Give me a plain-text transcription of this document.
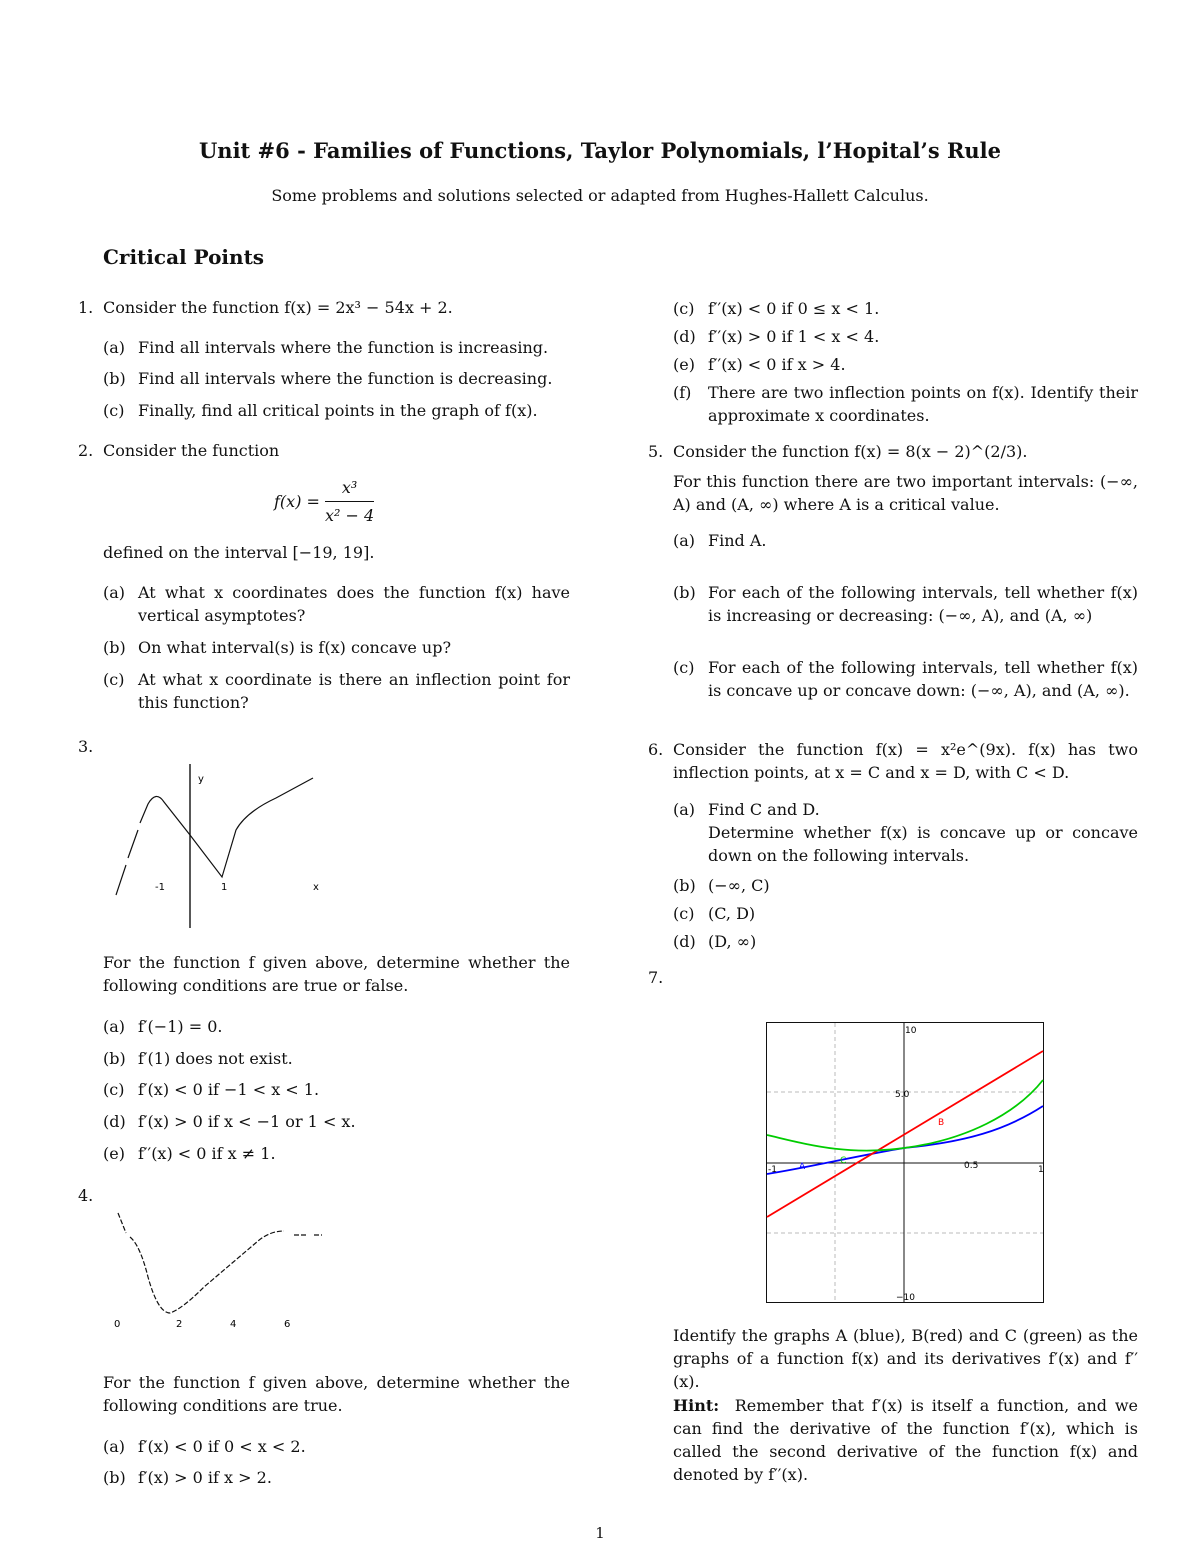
Unit #6 - Families of Functions, Taylor Polynomials, l’Hopital’s Rule
Some problems and solutions selected or adapted from Hughes-Hallett Calculus.
Critical Points
1. Consider the function f(x) = 2x³ − 54x + 2.
(a) Find all intervals where the function is increasing.
(b) Find all intervals where the function is decreasing.
(c) Finally, find all critical points in the graph of f(x).
2. Consider the function
$f(x) = \frac{\text{x³}}{\text{x² − 4}}$
defined on the interval [−19, 19].
(a) At what x coordinates does the function f(x) have vertical asymptotes?
(b) On what interval(s) is f(x) concave up?
(c) At what x coordinate is there an inflection point for this function?
3.
y
-1	1	x
For the function f given above, determine whether the following conditions are true or false.
(a) f′(−1) = 0.
(b) f′(1) does not exist.
(c) f′(x) < 0 if −1 < x < 1.
(d) f′(x) > 0 if x < −1 or 1 < x.
(e) f′′(x) < 0 if x ≠ 1.
4.
0	2	4	6
For the function f given above, determine whether the following conditions are true.
(a) f′(x) < 0 if 0 < x < 2.
(b) f′(x) > 0 if x > 2.
(c) f′′(x) < 0 if 0 ≤ x < 1.
(d) f′′(x) > 0 if 1 < x < 4.
(e) f′′(x) < 0 if x > 4.
(f) There are two inflection points on f(x). Identify their approximate x coordinates.
5. Consider the function f(x) = 8(x − 2)^(2/3).
For this function there are two important intervals: (−∞, A) and (A, ∞) where A is a critical value.
(a) Find A.
(b) For each of the following intervals, tell whether f(x) is increasing or decreasing: (−∞, A), and (A, ∞)
(c) For each of the following intervals, tell whether f(x) is concave up or concave down: (−∞, A), and (A, ∞).
6. Consider the function f(x) = x²e^(9x). f(x) has two inflection points, at x = C and x = D, with C < D.
(a) Find C and D.
Determine whether f(x) is concave up or concave down on the following intervals.
(b) (−∞, C)
(c) (C, D)
(d) (D, ∞)
7.
10
5.0
−10
-1	0.5	1
A
B
C
Identify the graphs A (blue), B(red) and C (green) as the graphs of a function f(x) and its derivatives f′(x) and f′′(x).
Hint: Remember that f′(x) is itself a function, and we can find the derivative of the function f′(x), which is called the second derivative of the function f(x) and denoted by f′′(x).
1
